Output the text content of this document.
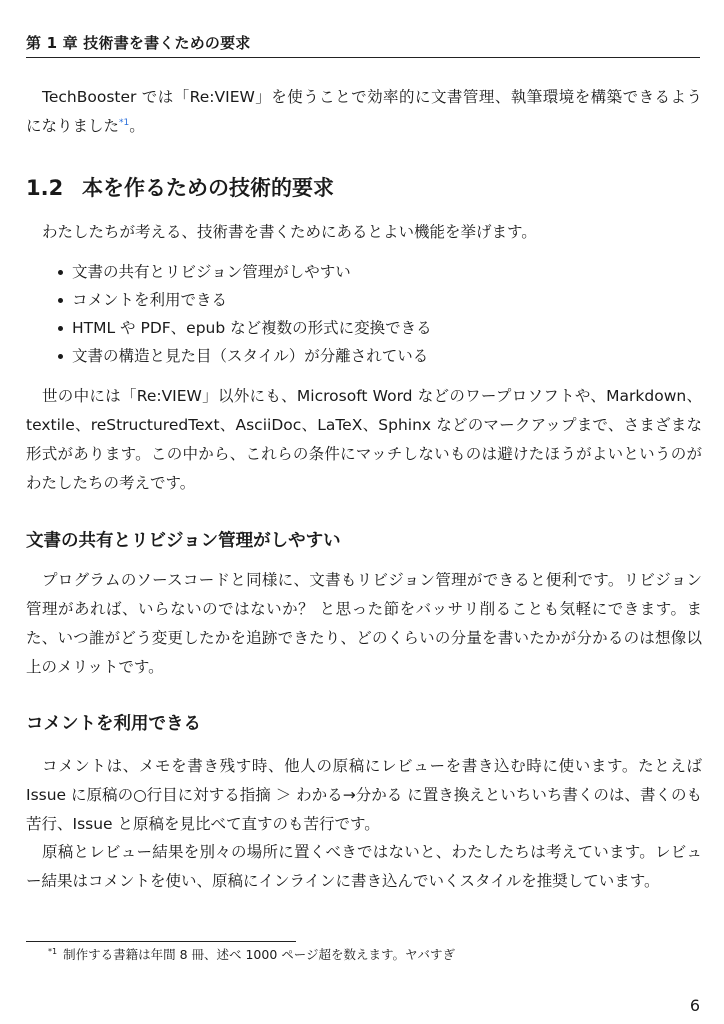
第 1 章 技術書を書くための要求

TechBooster では「Re:VIEW」を使うことで効率的に文書管理、執筆環境を構築できるようになりました$^{*1}$。

1.2 本を作るための技術的要求

わたしたちが考える、技術書を書くためにあるとよい機能を挙げます。

文書の共有とリビジョン管理がしやすい
コメントを利用できる
HTML や PDF、epub など複数の形式に変換できる
文書の構造と見た目（スタイル）が分離されている

世の中には「Re:VIEW」以外にも、Microsoft Word などのワープロソフトや、Markdown、textile、reStructuredText、AsciiDoc、LaTeX、Sphinx などのマークアップまで、さまざまな形式があります。この中から、これらの条件にマッチしないものは避けたほうがよいというのがわたしたちの考えです。

文書の共有とリビジョン管理がしやすい

プログラムのソースコードと同様に、文書もリビジョン管理ができると便利です。リビジョン管理があれば、いらないのではないか？ と思った節をバッサリ削ることも気軽にできます。また、いつ誰がどう変更したかを追跡できたり、どのくらいの分量を書いたかが分かるのは想像以上のメリットです。

コメントを利用できる

コメントは、メモを書き残す時、他人の原稿にレビューを書き込む時に使います。たとえば Issue に原稿の○行目に対する指摘 ＞ わかる→分かる に置き換えといちいち書くのは、書くのも苦行、Issue と原稿を見比べて直すのも苦行です。

原稿とレビュー結果を別々の場所に置くべきではないと、わたしたちは考えています。レビュー結果はコメントを使い、原稿にインラインに書き込んでいくスタイルを推奨しています。

$^{*1}$ 制作する書籍は年間 8 冊、述べ 1000 ページ超を数えます。ヤバすぎ
6
